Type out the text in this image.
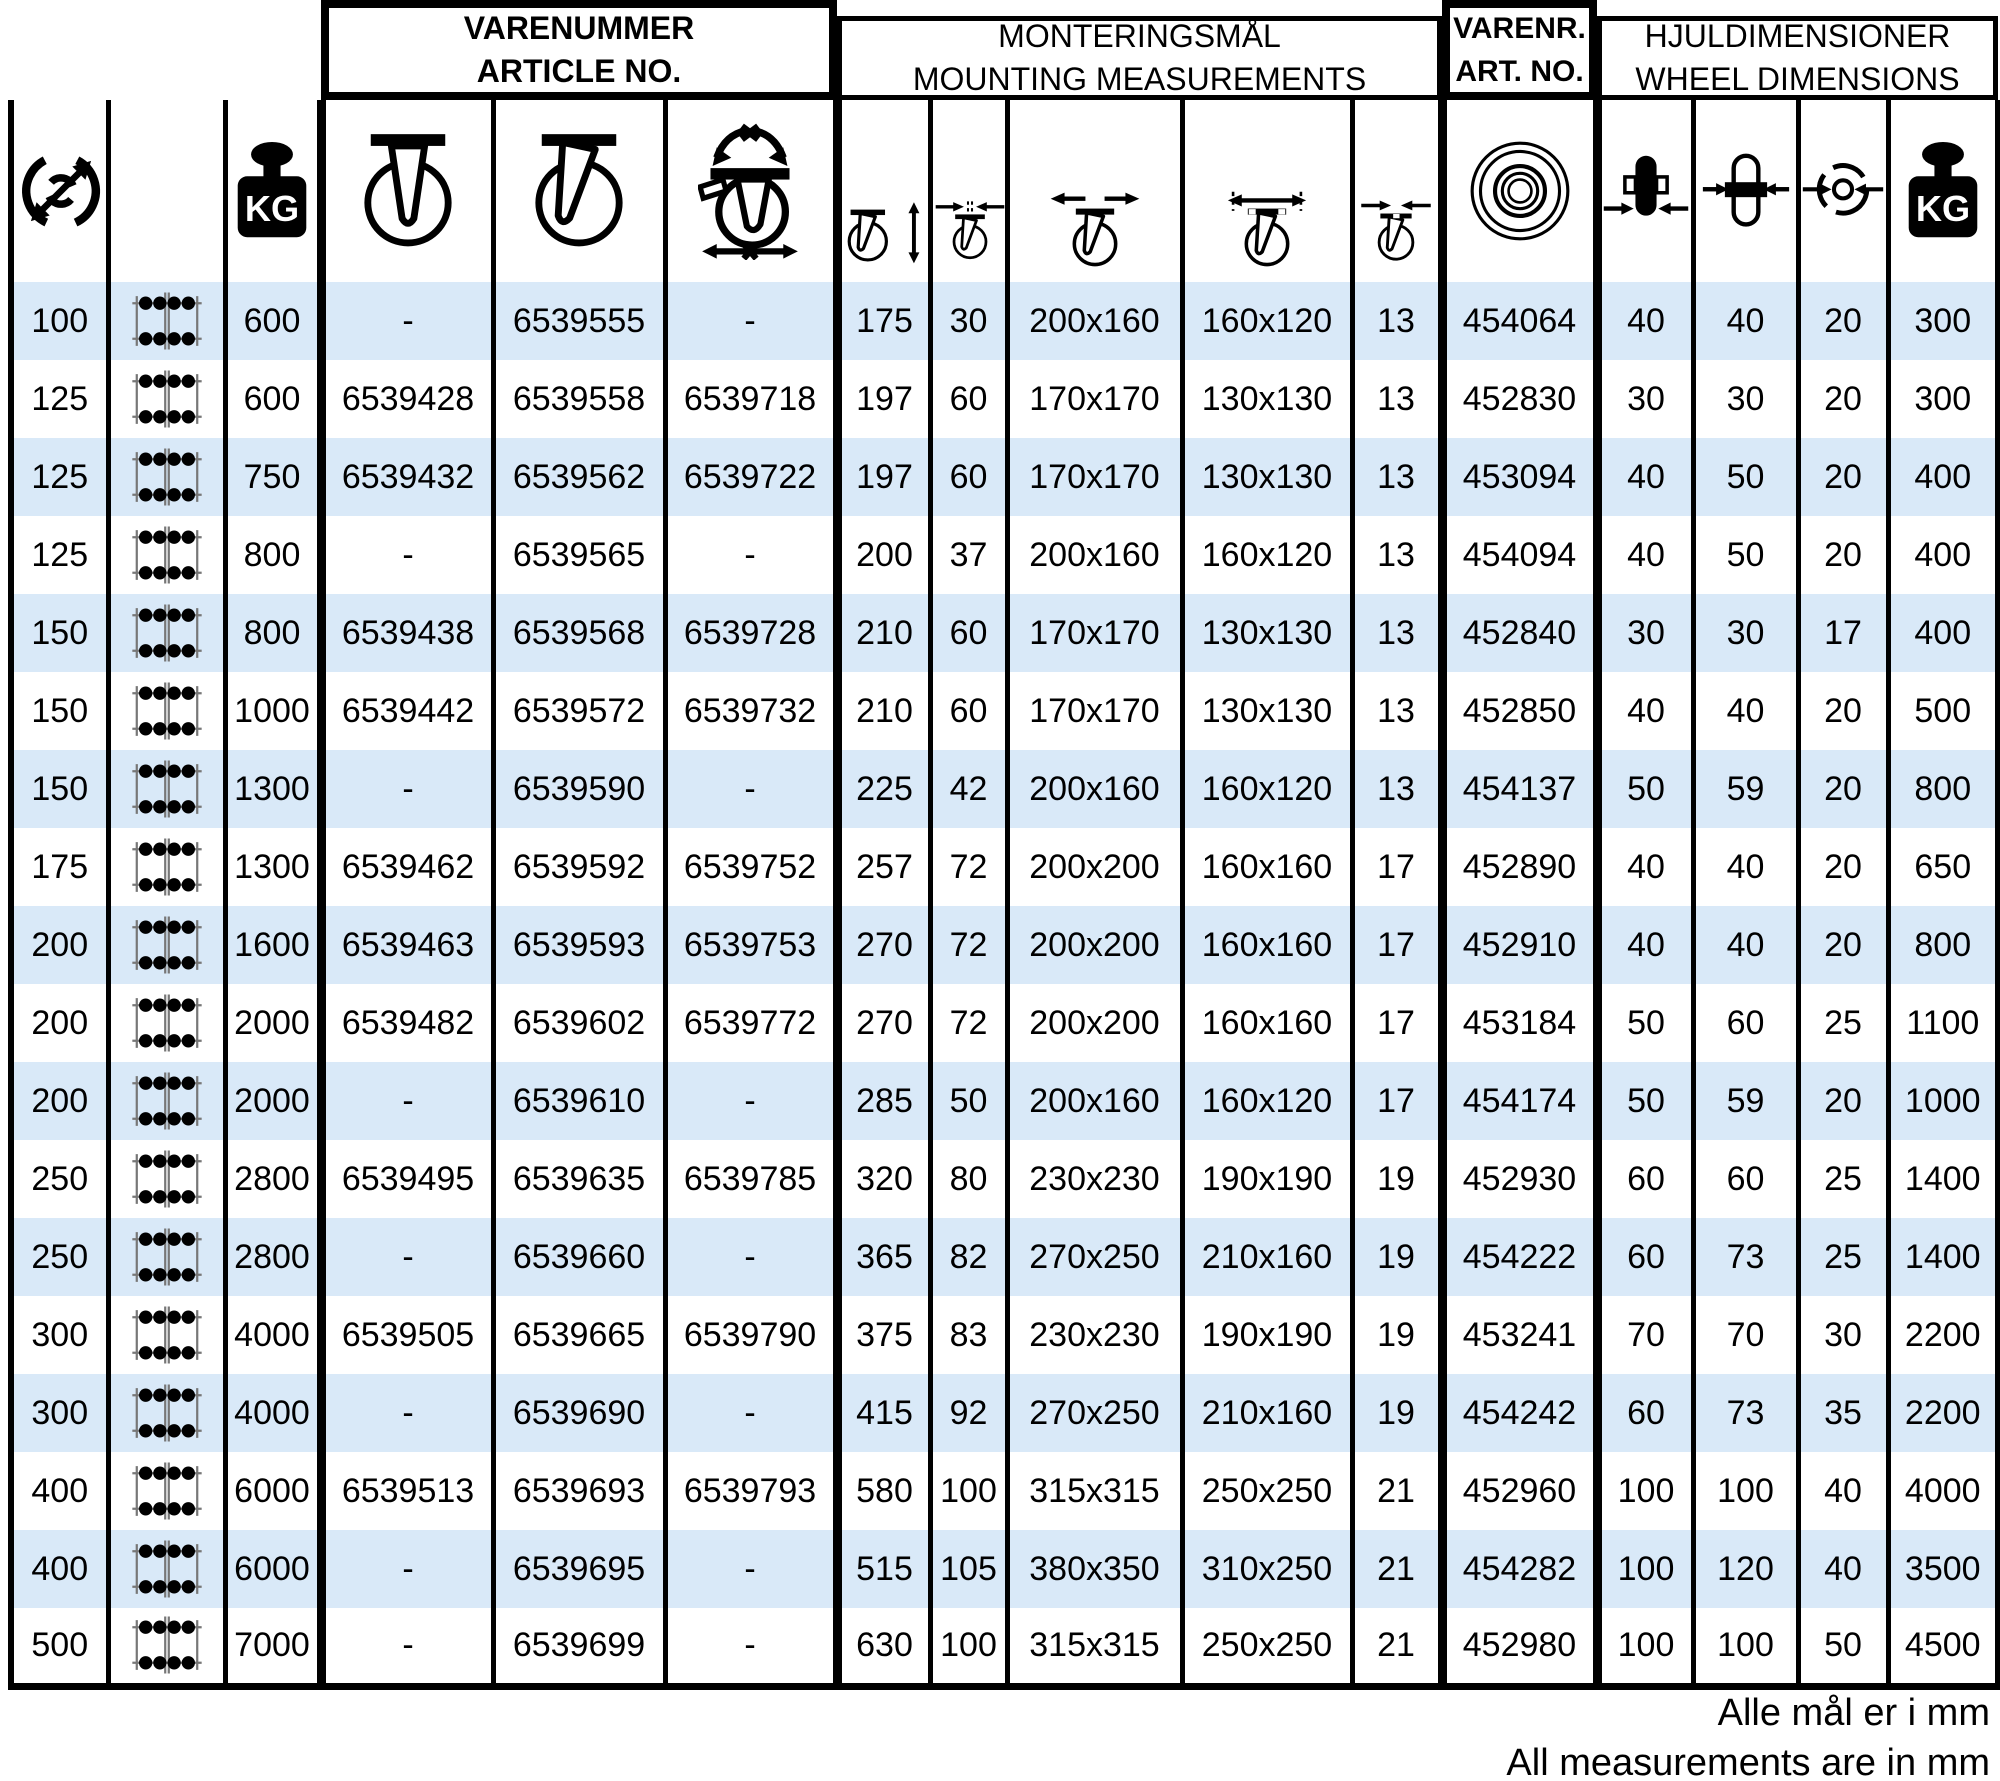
VARENUMMER
ARTICLE NO.

MONTERINGSMÅL
MOUNTING MEASUREMENTS

VARENR.
ART. NO.

HJULDIMENSIONER
WHEEL DIMENSIONS

100		600	-	6539555	-	175	30	200x160	160x120	13	454064	40	40	20	300
125		600	6539428	6539558	6539718	197	60	170x170	130x130	13	452830	30	30	20	300
125		750	6539432	6539562	6539722	197	60	170x170	130x130	13	453094	40	50	20	400
125		800	-	6539565	-	200	37	200x160	160x120	13	454094	40	50	20	400
150		800	6539438	6539568	6539728	210	60	170x170	130x130	13	452840	30	30	17	400
150		1000	6539442	6539572	6539732	210	60	170x170	130x130	13	452850	40	40	20	500
150		1300	-	6539590	-	225	42	200x160	160x120	13	454137	50	59	20	800
175		1300	6539462	6539592	6539752	257	72	200x200	160x160	17	452890	40	40	20	650
200		1600	6539463	6539593	6539753	270	72	200x200	160x160	17	452910	40	40	20	800
200		2000	6539482	6539602	6539772	270	72	200x200	160x160	17	453184	50	60	25	1100
200		2000	-	6539610	-	285	50	200x160	160x120	17	454174	50	59	20	1000
250		2800	6539495	6539635	6539785	320	80	230x230	190x190	19	452930	60	60	25	1400
250		2800	-	6539660	-	365	82	270x250	210x160	19	454222	60	73	25	1400
300		4000	6539505	6539665	6539790	375	83	230x230	190x190	19	453241	70	70	30	2200
300		4000	-	6539690	-	415	92	270x250	210x160	19	454242	60	73	35	2200
400		6000	6539513	6539693	6539793	580	100	315x315	250x250	21	452960	100	100	40	4000
400		6000	-	6539695	-	515	105	380x350	310x250	21	454282	100	120	40	3500
500		7000	-	6539699	-	630	100	315x315	250x250	21	452980	100	100	50	4500
Alle mål er i mm
All measurements are in mm
